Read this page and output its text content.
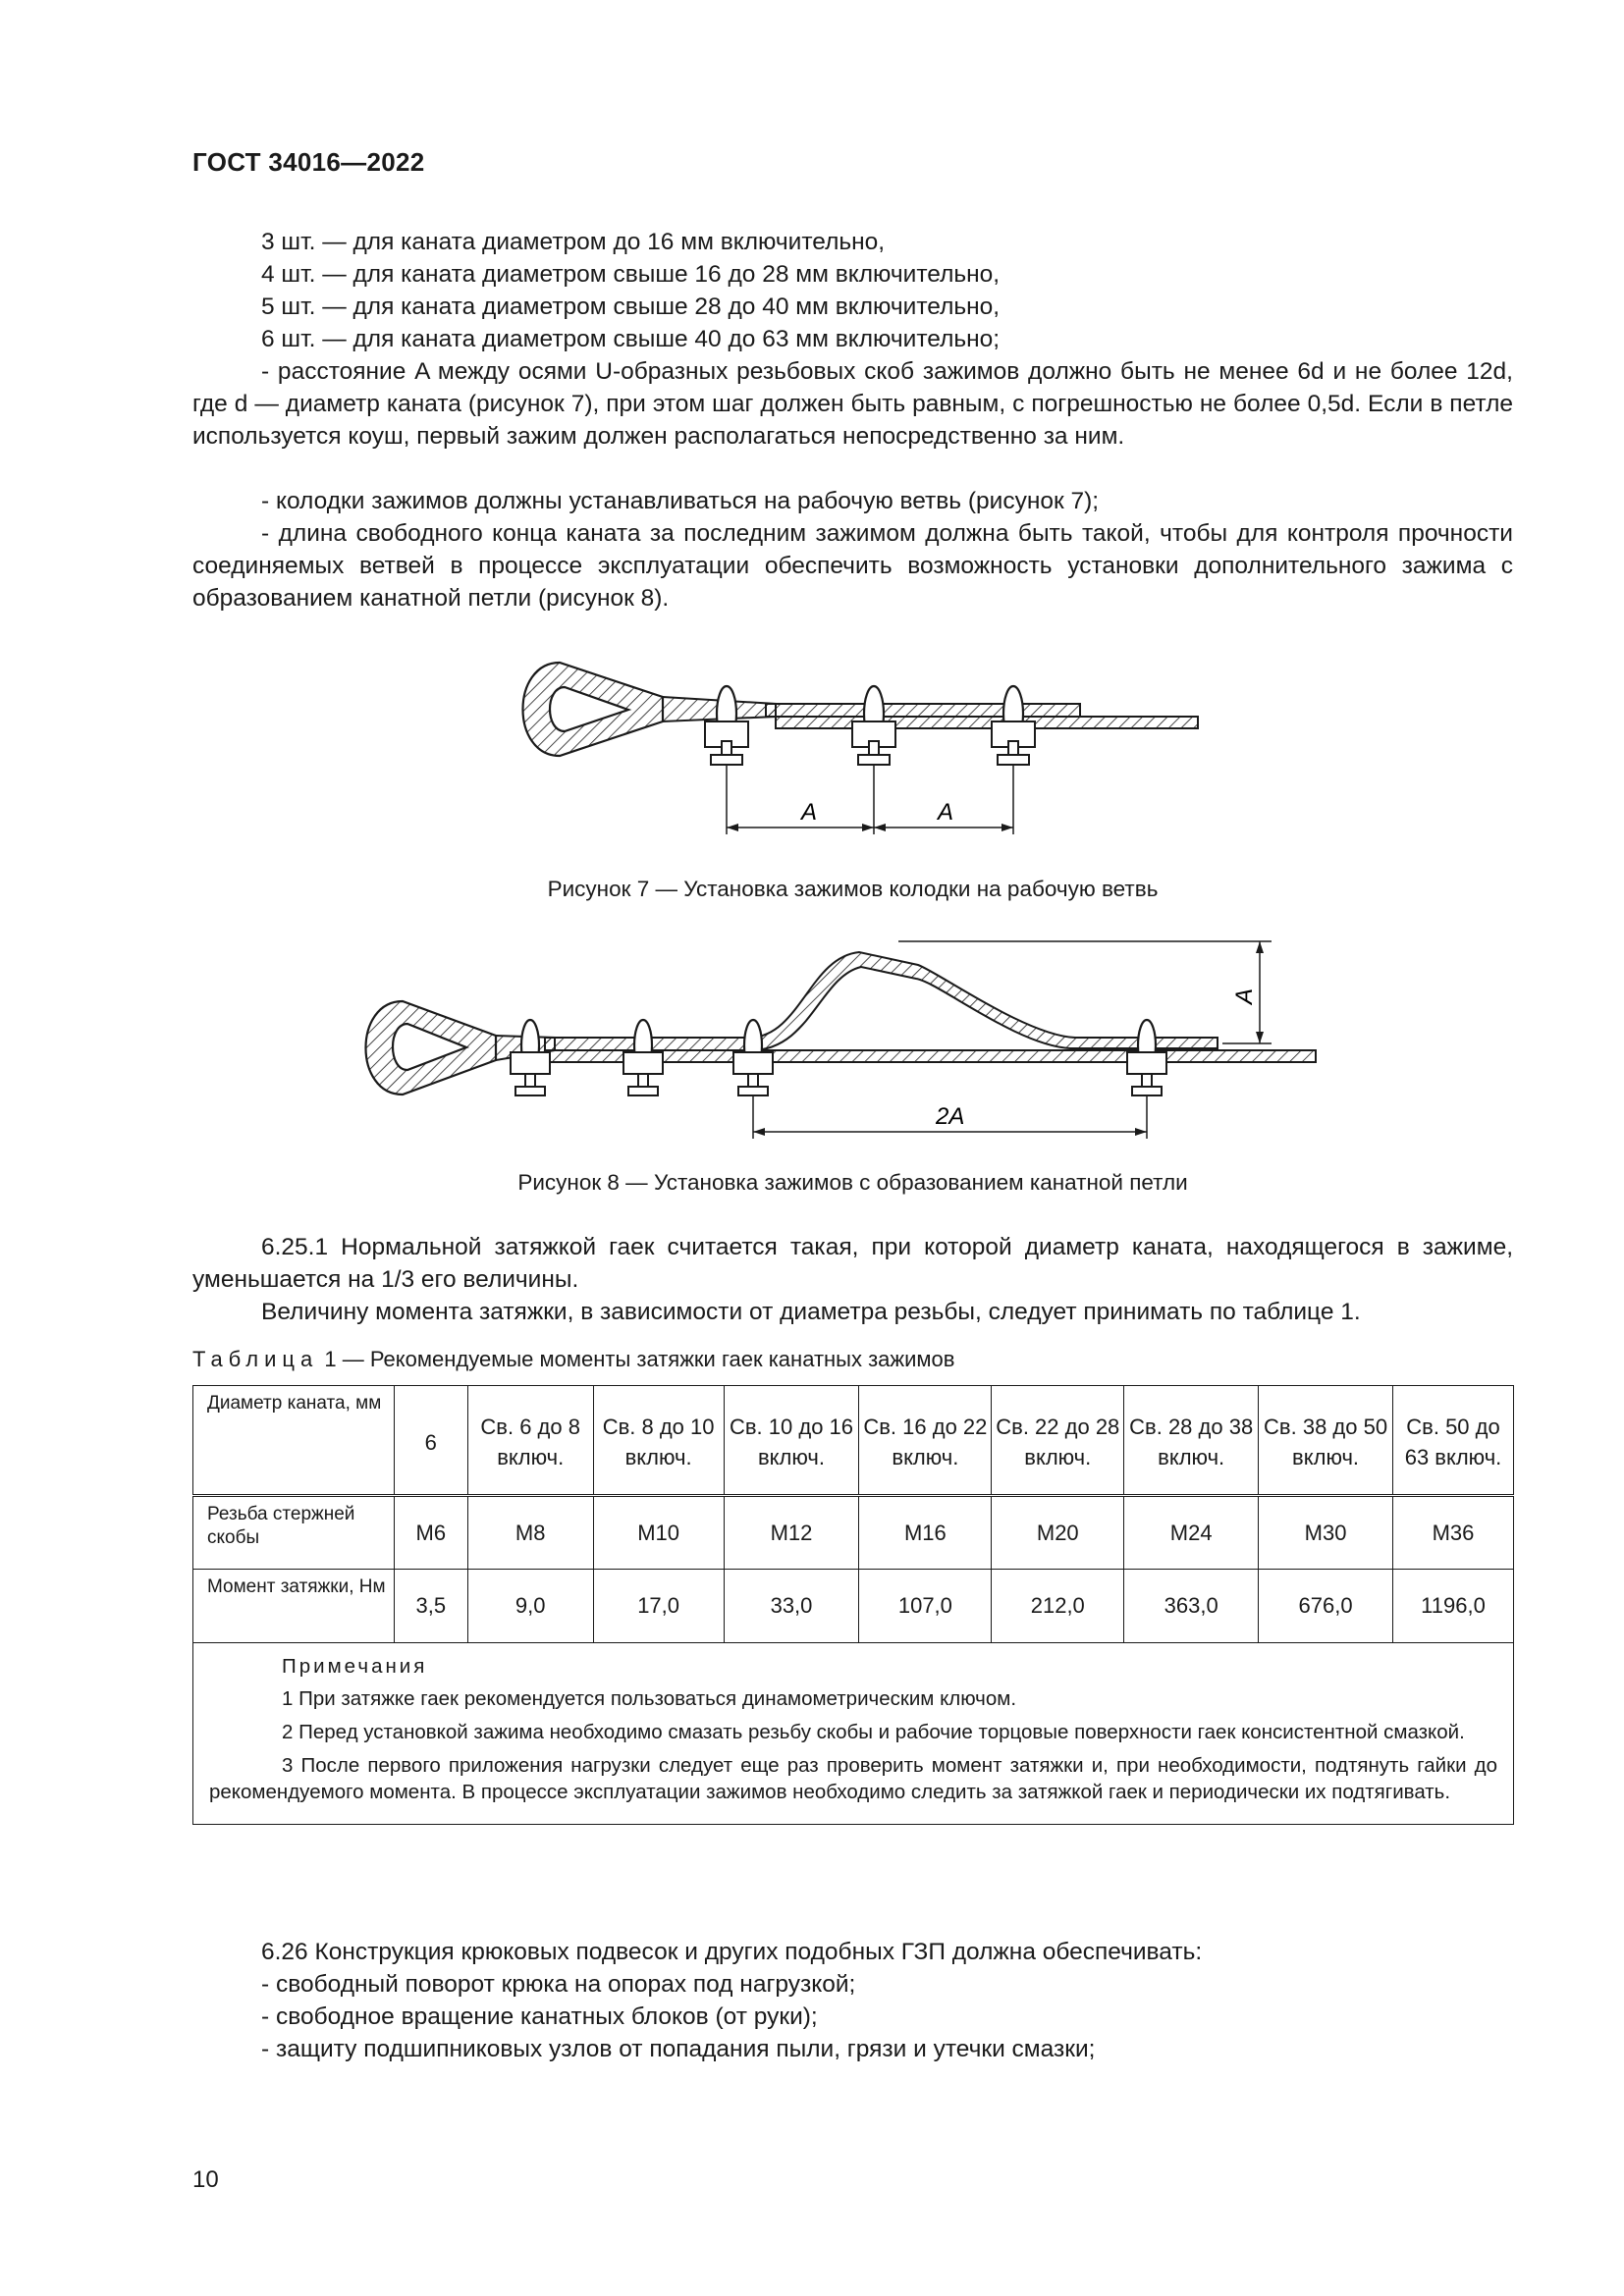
ГОСТ 34016—2022
3 шт. — для каната диаметром до 16 мм включительно,
4 шт. — для каната диаметром свыше 16 до 28 мм включительно,
5 шт. — для каната диаметром свыше 28 до 40 мм включительно,
6 шт. — для каната диаметром свыше 40 до 63 мм включительно;
- расстояние A между осями U-образных резьбовых скоб зажимов должно быть не менее 6d и не более 12d, где d — диаметр каната (рисунок 7), при этом шаг должен быть равным, с погрешностью не более 0,5d. Если в петле используется коуш, первый зажим должен располагаться непосредственно за ним.
- колодки зажимов должны устанавливаться на рабочую ветвь (рисунок 7);
- длина свободного конца каната за последним зажимом должна быть такой, чтобы для контроля прочности соединяемых ветвей в процессе эксплуатации обеспечить возможность установки дополнительного зажима с образованием канатной петли (рисунок 8).
A	A
Рисунок 7 — Установка зажимов колодки на рабочую ветвь
A
2A
Рисунок 8 — Установка зажимов с образованием канатной петли
6.25.1 Нормальной затяжкой гаек считается такая, при которой диаметр каната, находящегося в зажиме, уменьшается на 1/3 его величины.
Величину момента затяжки, в зависимости от диаметра резьбы, следует принимать по таблице 1.
Таблица 1 — Рекомендуемые моменты затяжки гаек канатных зажимов
Диаметр каната, мм	6	Св. 6 до 8 включ.	Св. 8 до 10 включ.	Св. 10 до 16 включ.	Св. 16 до 22 включ.	Св. 22 до 28 включ.	Св. 28 до 38 включ.	Св. 38 до 50 включ.	Св. 50 до 63 включ.
Резьба стержней скобы	М6	М8	М10	М12	М16	М20	М24	М30	М36
Момент затяжки, Нм	3,5	9,0	17,0	33,0	107,0	212,0	363,0	676,0	1196,0

Примечания
1 При затяжке гаек рекомендуется пользоваться динамометрическим ключом.
2 Перед установкой зажима необходимо смазать резьбу скобы и рабочие торцовые поверхности гаек консистентной смазкой.
3 После первого приложения нагрузки следует еще раз проверить момент затяжки и, при необходимости, подтянуть гайки до рекомендуемого момента. В процессе эксплуатации зажимов необходимо следить за затяжкой гаек и периодически их подтягивать.									
6.26 Конструкция крюковых подвесок и других подобных ГЗП должна обеспечивать:
- свободный поворот крюка на опорах под нагрузкой;
- свободное вращение канатных блоков (от руки);
- защиту подшипниковых узлов от попадания пыли, грязи и утечки смазки;
10
